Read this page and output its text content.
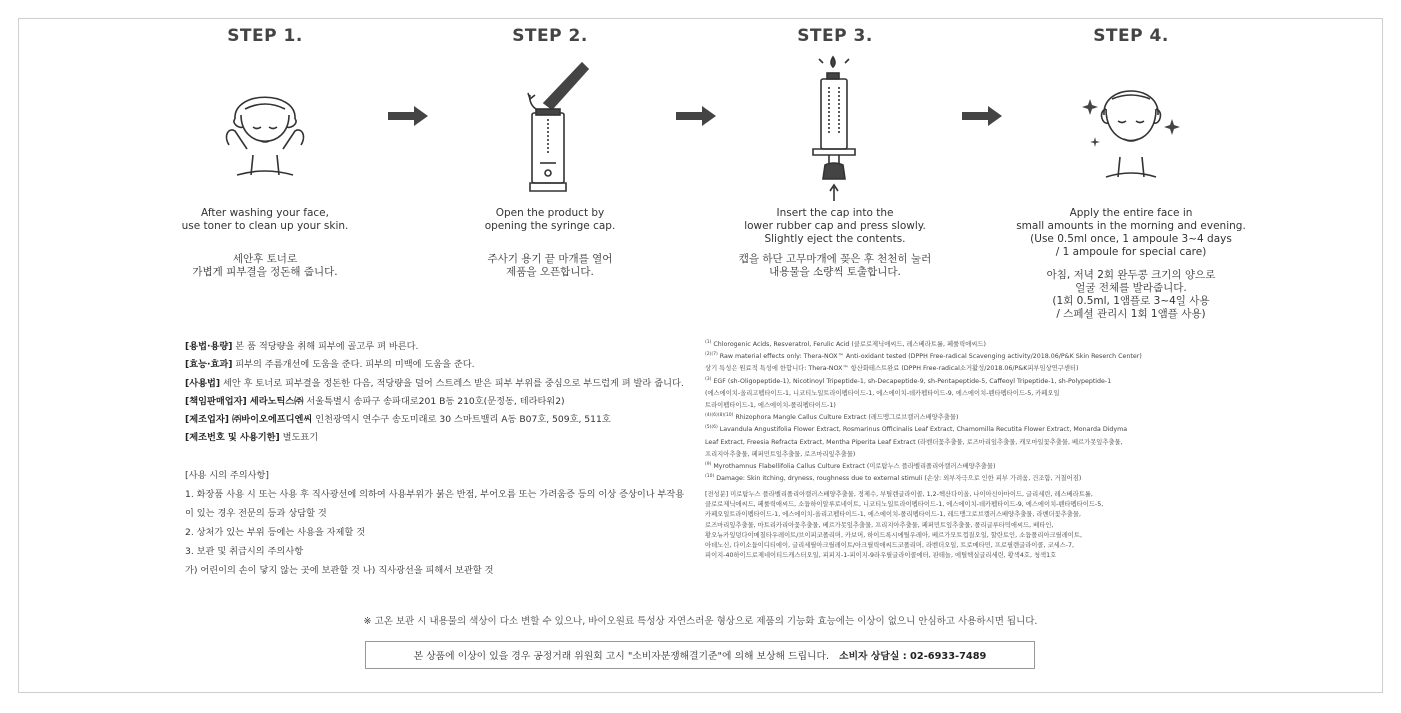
STEP 1.
After washing your face,
use toner to clean up your skin.
세안후 토너로
가볍게 피부결을 정돈해 줍니다.
STEP 2.
Open the product by
opening the syringe cap.
주사기 용기 끝 마개를 열어
제품을 오픈합니다.
STEP 3.
Insert the cap into the
lower rubber cap and press slowly.
Slightly eject the contents.
캡을 하단 고무마개에 꽂은 후 천천히 눌러
내용물을 소량씩 토출합니다.
STEP 4.
Apply the entire face in
small amounts in the morning and evening.
(Use 0.5ml once, 1 ampoule 3~4 days
/ 1 ampoule for special care)
아침, 저녁 2회 완두콩 크기의 양으로
얼굴 전체를 발라줍니다.
(1회 0.5ml, 1앰플로 3~4일 사용
/ 스페셜 관리시 1회 1앰플 사용)
[용법·용량] 본 품 적당량을 취해 피부에 골고루 펴 바른다.
[효능·효과] 피부의 주름개선에 도움을 준다. 피부의 미백에 도움을 준다.
[사용법] 세안 후 토너로 피부결을 정돈한 다음, 적당량을 덜어 스트레스 받은 피부 부위를 중심으로 부드럽게 펴 발라 줍니다.
[책임판매업자] 세라노틱스㈜ 서울특별시 송파구 송파대로201 B동 210호(문정동, 테라타워2)
[제조업자] ㈜바이오에프디엔씨 인천광역시 연수구 송도미래로 30 스마트밸리 A동 B07호, 509호, 511호
[제조번호 및 사용기한] 별도표기
[사용 시의 주의사항]
1. 화장품 사용 시 또는 사용 후 직사광선에 의하여 사용부위가 붉은 반점, 부어오름 또는 가려움증 등의 이상 증상이나 부작용
이 있는 경우 전문의 등과 상담할 것
2. 상처가 있는 부위 등에는 사용을 자제할 것
3. 보관 및 취급시의 주의사항
가) 어린이의 손이 닿지 않는 곳에 보관할 것 나) 직사광선을 피해서 보관할 것
$^{(1)}$ Chlorogenic Acids, Resveratrol, Ferulic Acid (클로로제닉애씨드, 레스베라트롤, 페룰릭애씨드)
$^{(2)(7)}$ Raw material effects only: Thera-NOX™ Anti-oxidant tested (DPPH Free-radical Scavenging activity/2018.06/P&K Skin Reserch Center)
상기 특성은 원료적 특성에 한합니다: Thera-NOX™ 항산화테스트완료 (DPPH Free-radical소거활성/2018.06/P&K피부임상연구센터)
$^{(3)}$ EGF (sh-Oligopeptide-1), Nicotinoyl Tripeptide-1, sh-Decapeptide-9, sh-Pentapeptide-5, Caffeoyl Tripeptide-1, sh-Polypeptide-1
(에스에이치-올리고펩타이드-1, 니코티노일트라이펩타이드-1, 에스에이치-데카펩타이드-9, 에스에이치-펜타펩타이드-5, 카페오일
트라이펩타이드-1, 에스에이치-폴리펩타이드-1)
$^{(4)(6)(8)(10)}$ Rhizophora Mangle Callus Culture Extract (레드맹그로브캘러스배양추출물)
$^{(5)(6)}$ Lavandula Angustifolia Flower Extract, Rosmarinus Officinalis Leaf Extract, Chamomilla Recutita Flower Extract, Monarda Didyma
Leaf Extract, Freesia Refracta Extract, Mentha Piperita Leaf Extract (라벤더꽃추출물, 로즈마리잎추출물, 캐모마일꽃추출물, 베르가못잎추출물,
프리지아추출물, 페퍼민트잎추출물, 로즈마리잎추출물)
$^{(9)}$ Myrothamnus Flabellifolia Callus Culture Extract (미로탐누스 플라벨리폴리아캘러스배양추출물)
$^{(10)}$ Damage: Skin itching, dryness, roughness due to external stimuli (손상: 외부자극으로 인한 피부 가려움, 건조함, 거칠어짐)
[전성분] 미로탐누스 플라벨리폴리아캘러스배양추출물, 정제수, 부틸렌글라이콜, 1,2-헥산다이올, 나이아신아마이드, 글리세린, 레스베라트롤,
클로로제닉애씨드, 페룰릭애씨드, 소듐하이알루로네이트, 니코티노일트라이펩타이드-1, 에스에이치-데카펩타이드-9, 에스에이치-펜타펩타이드-5,
카페오일트라이펩타이드-1, 에스에이치-올리고펩타이드-1, 에스에이치-폴리펩타이드-1, 레드맹그로브캘러스배양추출물, 라벤더꽃추출물,
로즈마리잎추출물, 마트리카리아꽃추출물, 베르가못잎추출물, 프리지아추출물, 페퍼민트잎추출물, 폴리글루타믹애씨드, 베타인,
황오뉴카잎덩다이메칠타우레이트/브이피코폴리머, 카보머, 하이드록시에틸우레아, 베르가모트껍질오일, 할란토인, 소듐폴리아크릴레이트,
아데노신, 다이소듐이디티에이, 글리세릴아크릴레이트/아크릴릭애씨드코폴리머, 라벤더오일, 트로메타민, 프로필렌글라이콜, 코세스-7,
피이지-40하이드로제네이티드캐스터오일, 피피지-1-피이지-9라우릴글라이콜에터, 판테놀, 에틸헥실글리세린, 황색4호, 청색1호
※ 고온 보관 시 내용물의 색상이 다소 변할 수 있으나, 바이오원료 특성상 자연스러운 형상으로 제품의 기능화 효능에는 이상이 없으니 안심하고 사용하시면 됩니다.
본 상품에 이상이 있을 경우 공정거래 위원회 고시 "소비자분쟁해결기준"에 의해 보상해 드립니다. 소비자 상담실 : 02-6933-7489
